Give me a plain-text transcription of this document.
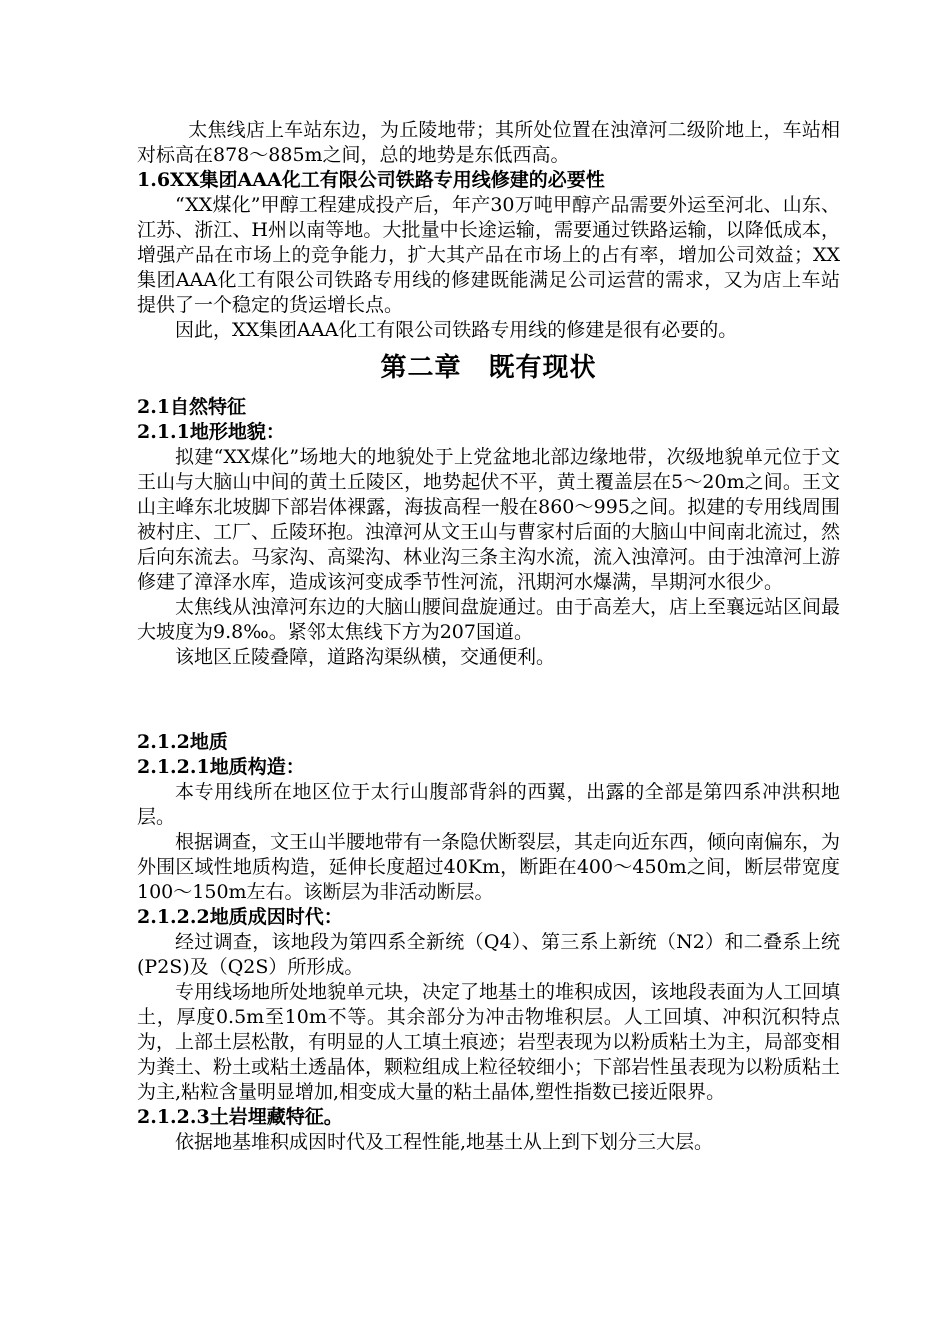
太焦线店上车站东边，为丘陵地带；其所处位置在浊漳河二级阶地上，车站相对标高在878～885m之间，总的地势是东低西高。

1.6XX集团AAA化工有限公司铁路专用线修建的必要性

“XX煤化”甲醇工程建成投产后，年产30万吨甲醇产品需要外运至河北、山东、江苏、浙江、H州以南等地。大批量中长途运输，需要通过铁路运输，以降低成本，增强产品在市场上的竞争能力，扩大其产品在市场上的占有率，增加公司效益；XX集团AAA化工有限公司铁路专用线的修建既能满足公司运营的需求，又为店上车站提供了一个稳定的货运增长点。

因此，XX集团AAA化工有限公司铁路专用线的修建是很有必要的。

第二章　既有现状
2.1自然特征
2.1.1地形地貌：

拟建“XX煤化”场地大的地貌处于上党盆地北部边缘地带，次级地貌单元位于文王山与大脑山中间的黄土丘陵区，地势起伏不平，黄土覆盖层在5～20m之间。王文山主峰东北坡脚下部岩体裸露，海拔高程一般在860～995之间。拟建的专用线周围被村庄、工厂、丘陵环抱。浊漳河从文王山与曹家村后面的大脑山中间南北流过，然后向东流去。马家沟、高粱沟、林业沟三条主沟水流，流入浊漳河。由于浊漳河上游修建了漳泽水库，造成该河变成季节性河流，汛期河水爆满，旱期河水很少。

太焦线从浊漳河东边的大脑山腰间盘旋通过。由于高差大，店上至襄远站区间最大坡度为9.8‰。紧邻太焦线下方为207国道。

该地区丘陵叠障，道路沟渠纵横，交通便利。

2.1.2地质
2.1.2.1地质构造：

本专用线所在地区位于太行山腹部背斜的西翼，出露的全部是第四系冲洪积地层。

根据调查，文王山半腰地带有一条隐伏断裂层，其走向近东西，倾向南偏东，为外围区域性地质构造，延伸长度超过40Km，断距在400～450m之间，断层带宽度100～150m左右。该断层为非活动断层。

2.1.2.2地质成因时代：

经过调查，该地段为第四系全新统（Q4）、第三系上新统（N2）和二叠系上统(P2S)及（Q2S）所形成。

专用线场地所处地貌单元块，决定了地基土的堆积成因，该地段表面为人工回填土，厚度0.5m至10m不等。其余部分为冲击物堆积层。人工回填、冲积沉积特点为，上部土层松散，有明显的人工填土痕迹；岩型表现为以粉质粘土为主，局部变相为粪土、粉土或粘土透晶体，颗粒组成上粒径较细小；下部岩性虽表现为以粉质粘土为主,粘粒含量明显增加,相变成大量的粘土晶体,塑性指数已接近限界。

2.1.2.3土岩埋藏特征。

依据地基堆积成因时代及工程性能,地基土从上到下划分三大层。
